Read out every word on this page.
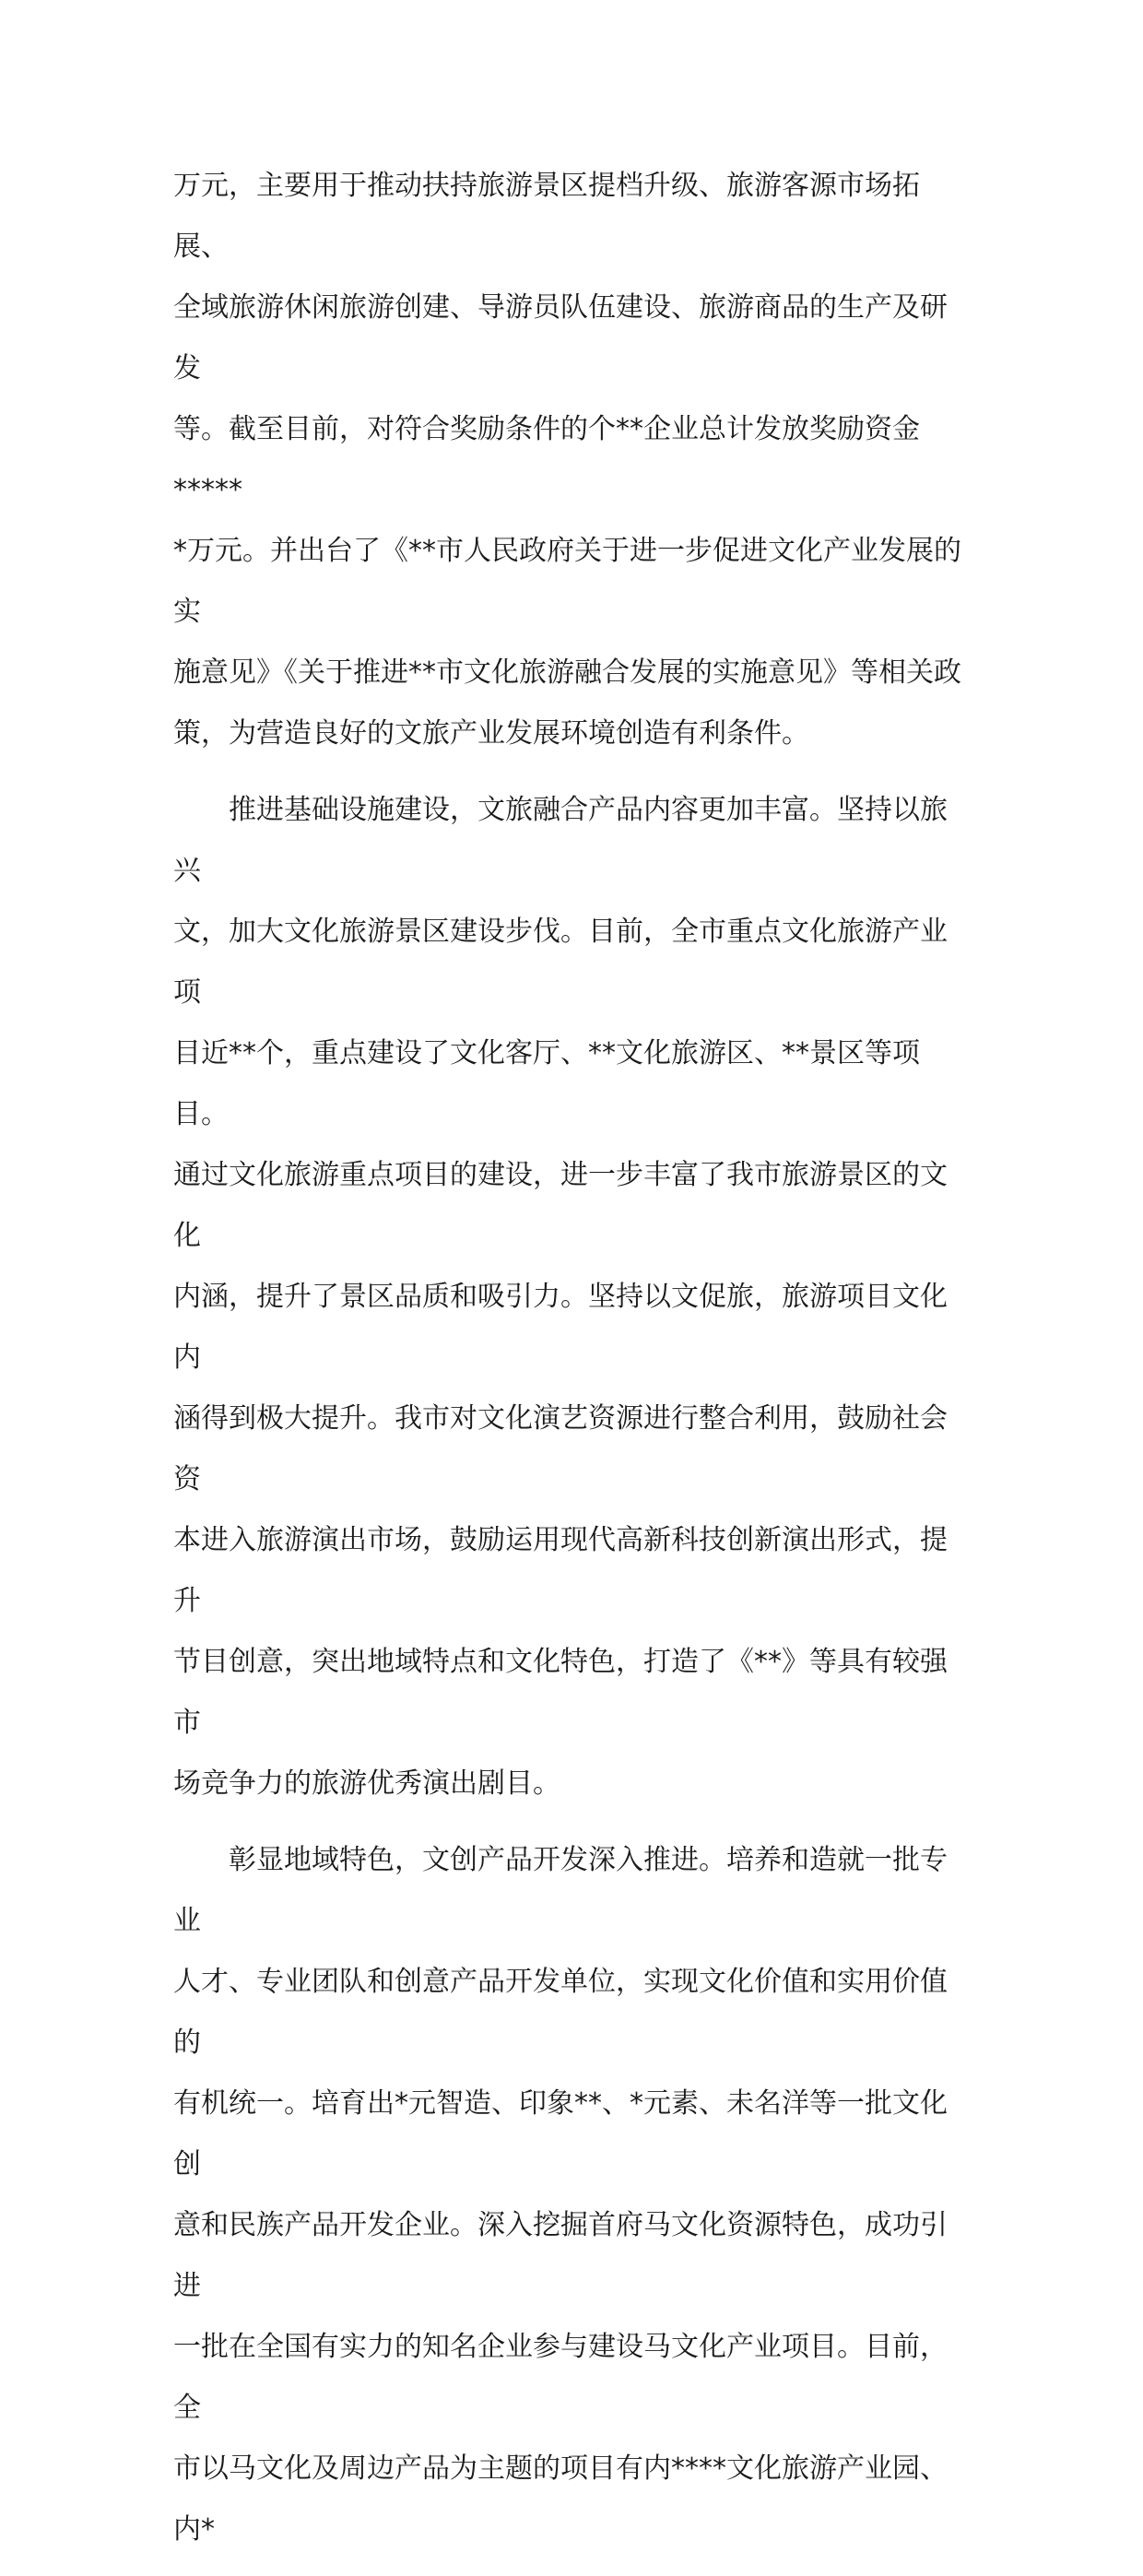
万元，主要用于推动扶持旅游景区提档升级、旅游客源市场拓展、
全域旅游休闲旅游创建、导游员队伍建设、旅游商品的生产及研发
等。截至目前，对符合奖励条件的个**企业总计发放奖励资金*****
*万元。并出台了《**市人民政府关于进一步促进文化产业发展的实
施意见》《关于推进**市文化旅游融合发展的实施意见》等相关政
策，为营造良好的文旅产业发展环境创造有利条件。

　　推进基础设施建设，文旅融合产品内容更加丰富。坚持以旅兴
文，加大文化旅游景区建设步伐。目前，全市重点文化旅游产业项
目近**个，重点建设了文化客厅、**文化旅游区、**景区等项目。
通过文化旅游重点项目的建设，进一步丰富了我市旅游景区的文化
内涵，提升了景区品质和吸引力。坚持以文促旅，旅游项目文化内
涵得到极大提升。我市对文化演艺资源进行整合利用，鼓励社会资
本进入旅游演出市场，鼓励运用现代高新科技创新演出形式，提升
节目创意，突出地域特点和文化特色，打造了《**》等具有较强市
场竞争力的旅游优秀演出剧目。

　　彰显地域特色，文创产品开发深入推进。培养和造就一批专业
人才、专业团队和创意产品开发单位，实现文化价值和实用价值的
有机统一。培育出*元智造、印象**、*元素、未名洋等一批文化创
意和民族产品开发企业。深入挖掘首府马文化资源特色，成功引进
一批在全国有实力的知名企业参与建设马文化产业项目。目前，全
市以马文化及周边产品为主题的项目有内****文化旅游产业园、内*
